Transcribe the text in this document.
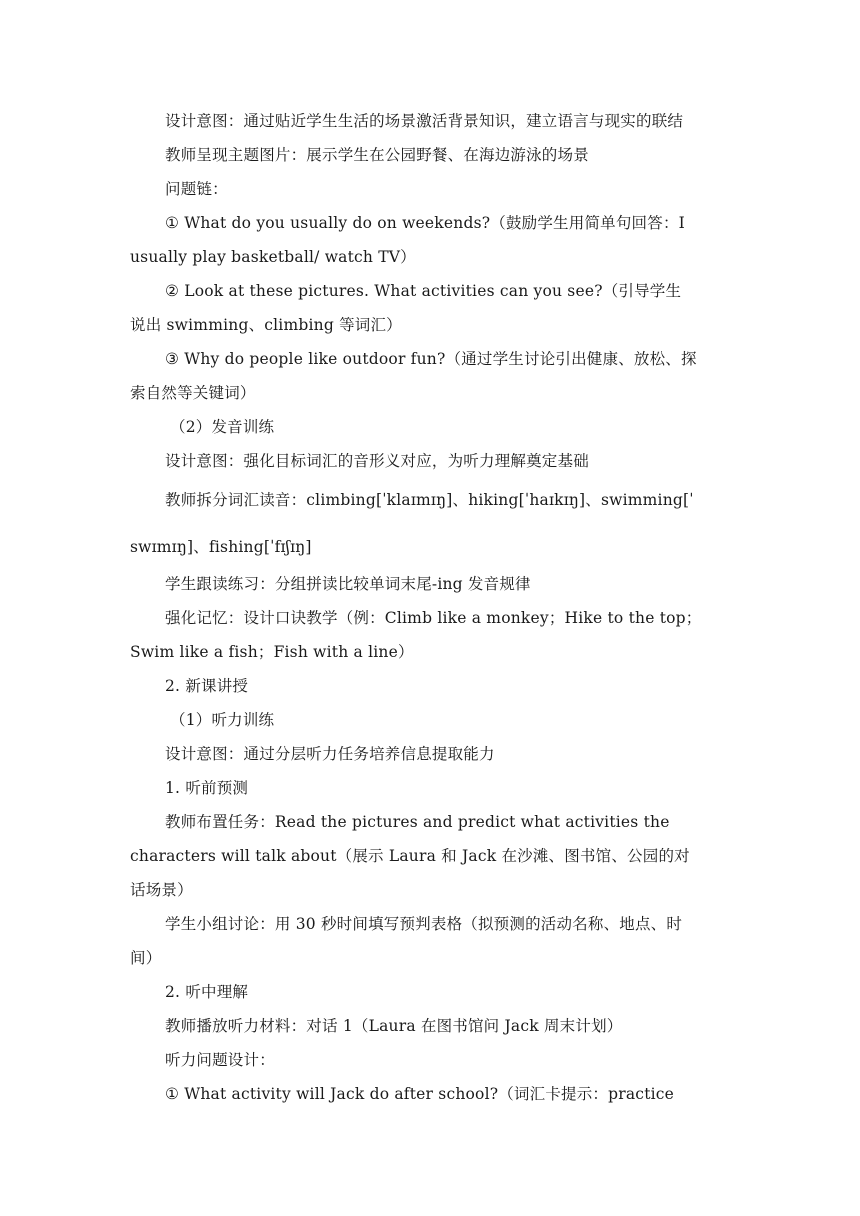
设计意图：通过贴近学生生活的场景激活背景知识，建立语言与现实的联结
教师呈现主题图片：展示学生在公园野餐、在海边游泳的场景
问题链：
① What do you usually do on weekends?（鼓励学生用简单句回答：I
usually play basketball/ watch TV）
② Look at these pictures. What activities can you see?（引导学生
说出 swimming、climbing 等词汇）
③ Why do people like outdoor fun?（通过学生讨论引出健康、放松、探
索自然等关键词）
（2）发音训练
设计意图：强化目标词汇的音形义对应，为听力理解奠定基础
教师拆分词汇读音：climbing[ˈklaɪmɪŋ]、hiking[ˈhaɪkɪŋ]、swimming[ˈ
swɪmɪŋ]、fishing[ˈfɪʃɪŋ]
学生跟读练习：分组拼读比较单词末尾-ing 发音规律
强化记忆：设计口诀教学（例：Climb like a monkey；Hike to the top；
Swim like a fish；Fish with a line）
2. 新课讲授
（1）听力训练
设计意图：通过分层听力任务培养信息提取能力
1. 听前预测
教师布置任务：Read the pictures and predict what activities the
characters will talk about（展示 Laura 和 Jack 在沙滩、图书馆、公园的对
话场景）
学生小组讨论：用 30 秒时间填写预判表格（拟预测的活动名称、地点、时
间）
2. 听中理解
教师播放听力材料：对话 1（Laura 在图书馆问 Jack 周末计划）
听力问题设计：
① What activity will Jack do after school?（词汇卡提示：practice
